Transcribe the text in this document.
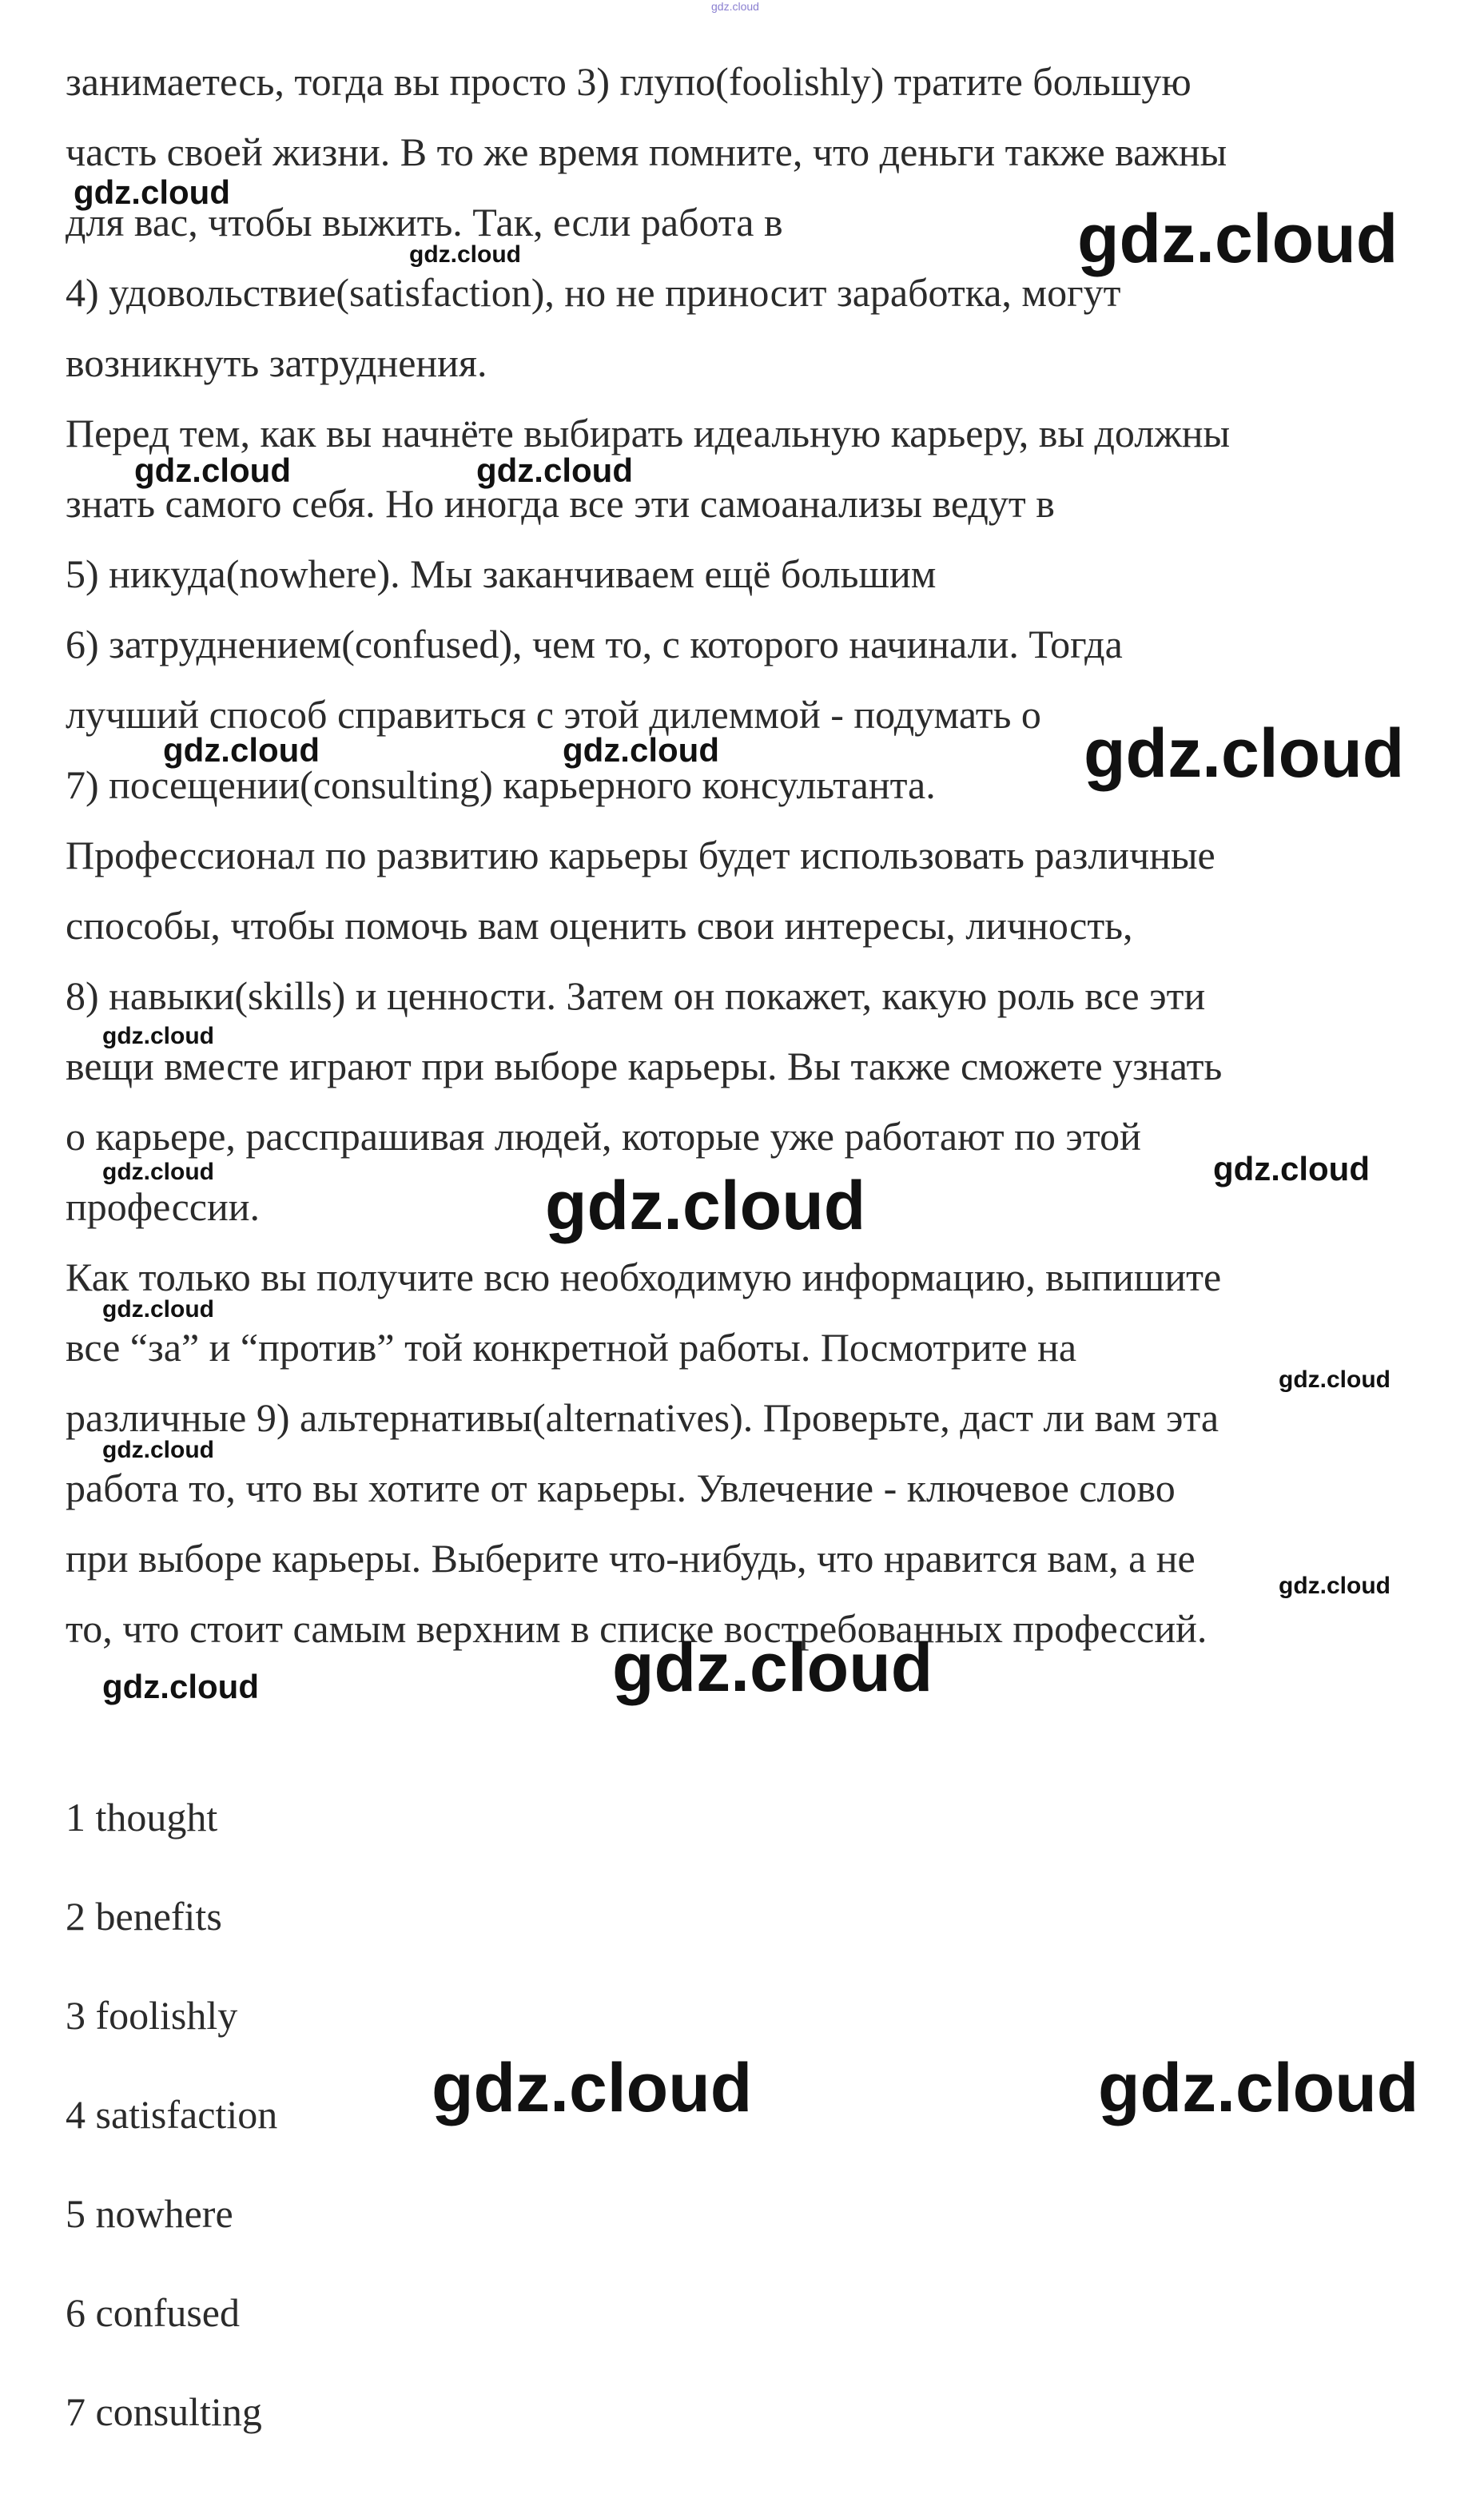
gdz.cloud
занимаетесь, тогда вы просто 3) глупо(foolishly) тратите большую
часть своей жизни. В то же время помните, что деньги также важны
для вас, чтобы выжить. Так, если работа в
4) удовольствие(satisfaction), но не приносит заработка, могут
возникнуть затруднения.
Перед тем, как вы начнёте выбирать идеальную карьеру, вы должны
знать самого себя. Но иногда все эти самоанализы ведут в
5) никуда(nowhere). Мы заканчиваем ещё большим
6) затруднением(confused), чем то, с которого начинали. Тогда
лучший способ справиться с этой дилеммой - подумать о
7) посещении(consulting) карьерного консультанта.
Профессионал по развитию карьеры будет использовать различные
способы, чтобы помочь вам оценить свои интересы, личность,
8) навыки(skills) и ценности. Затем он покажет, какую роль все эти
вещи вместе играют при выборе карьеры. Вы также сможете узнать
о карьере, расспрашивая людей, которые уже работают по этой
профессии.
Как только вы получите всю необходимую информацию, выпишите
все “за” и “против” той конкретной работы. Посмотрите на
различные 9) альтернативы(alternatives). Проверьте, даст ли вам эта
работа то, что вы хотите от карьеры. Увлечение - ключевое слово
при выборе карьеры. Выберите что-нибудь, что нравится вам, а не
то, что стоит самым верхним в списке востребованных профессий.
1 thought
2 benefits
3 foolishly
4 satisfaction
5 nowhere
6 confused
7 consulting
gdz.cloud
gdz.cloud	gdz.cloud
gdz.cloud	gdz.cloud
gdz.cloud	gdz.cloud	gdz.cloud
gdz.cloud
gdz.cloud	gdz.cloud
gdz.cloud
gdz.cloud
gdz.cloud
gdz.cloud
gdz.cloud
gdz.cloud	gdz.cloud
gdz.cloud	gdz.cloud
